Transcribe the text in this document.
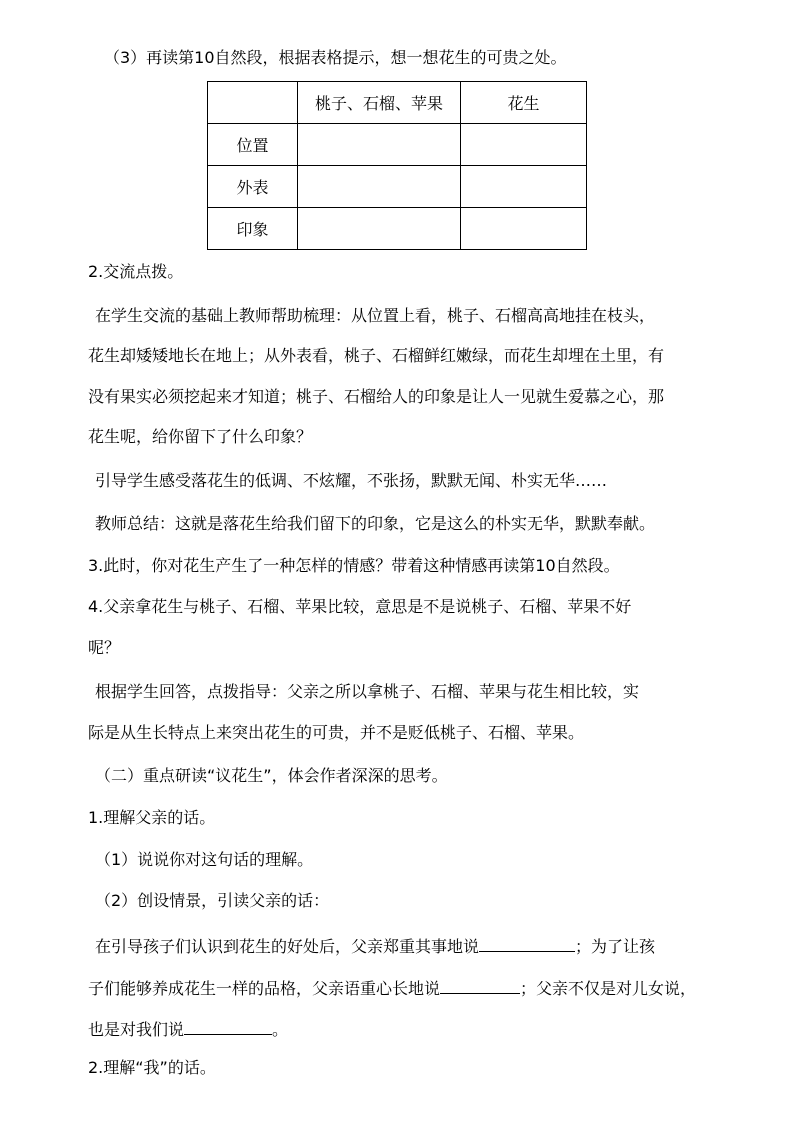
（3）再读第10自然段，根据表格提示，想一想花生的可贵之处。
	桃子、石榴、苹果	花生
位置		
外表		
印象		
2.交流点拨。
在学生交流的基础上教师帮助梳理：从位置上看，桃子、石榴高高地挂在枝头，
花生却矮矮地长在地上；从外表看，桃子、石榴鲜红嫩绿，而花生却埋在土里，有
没有果实必须挖起来才知道；桃子、石榴给人的印象是让人一见就生爱慕之心，那
花生呢，给你留下了什么印象？
引导学生感受落花生的低调、不炫耀，不张扬，默默无闻、朴实无华……
教师总结：这就是落花生给我们留下的印象，它是这么的朴实无华，默默奉献。
3.此时，你对花生产生了一种怎样的情感？带着这种情感再读第10自然段。
4.父亲拿花生与桃子、石榴、苹果比较，意思是不是说桃子、石榴、苹果不好
呢？
根据学生回答，点拨指导：父亲之所以拿桃子、石榴、苹果与花生相比较，实
际是从生长特点上来突出花生的可贵，并不是贬低桃子、石榴、苹果。
（二）重点研读“议花生”，体会作者深深的思考。
1.理解父亲的话。
（1）说说你对这句话的理解。
（2）创设情景，引读父亲的话：
在引导孩子们认识到花生的好处后，父亲郑重其事地说	；为了让孩
子们能够养成花生一样的品格，父亲语重心长地说	；父亲不仅是对儿女说，
也是对我们说	。
2.理解“我”的话。
